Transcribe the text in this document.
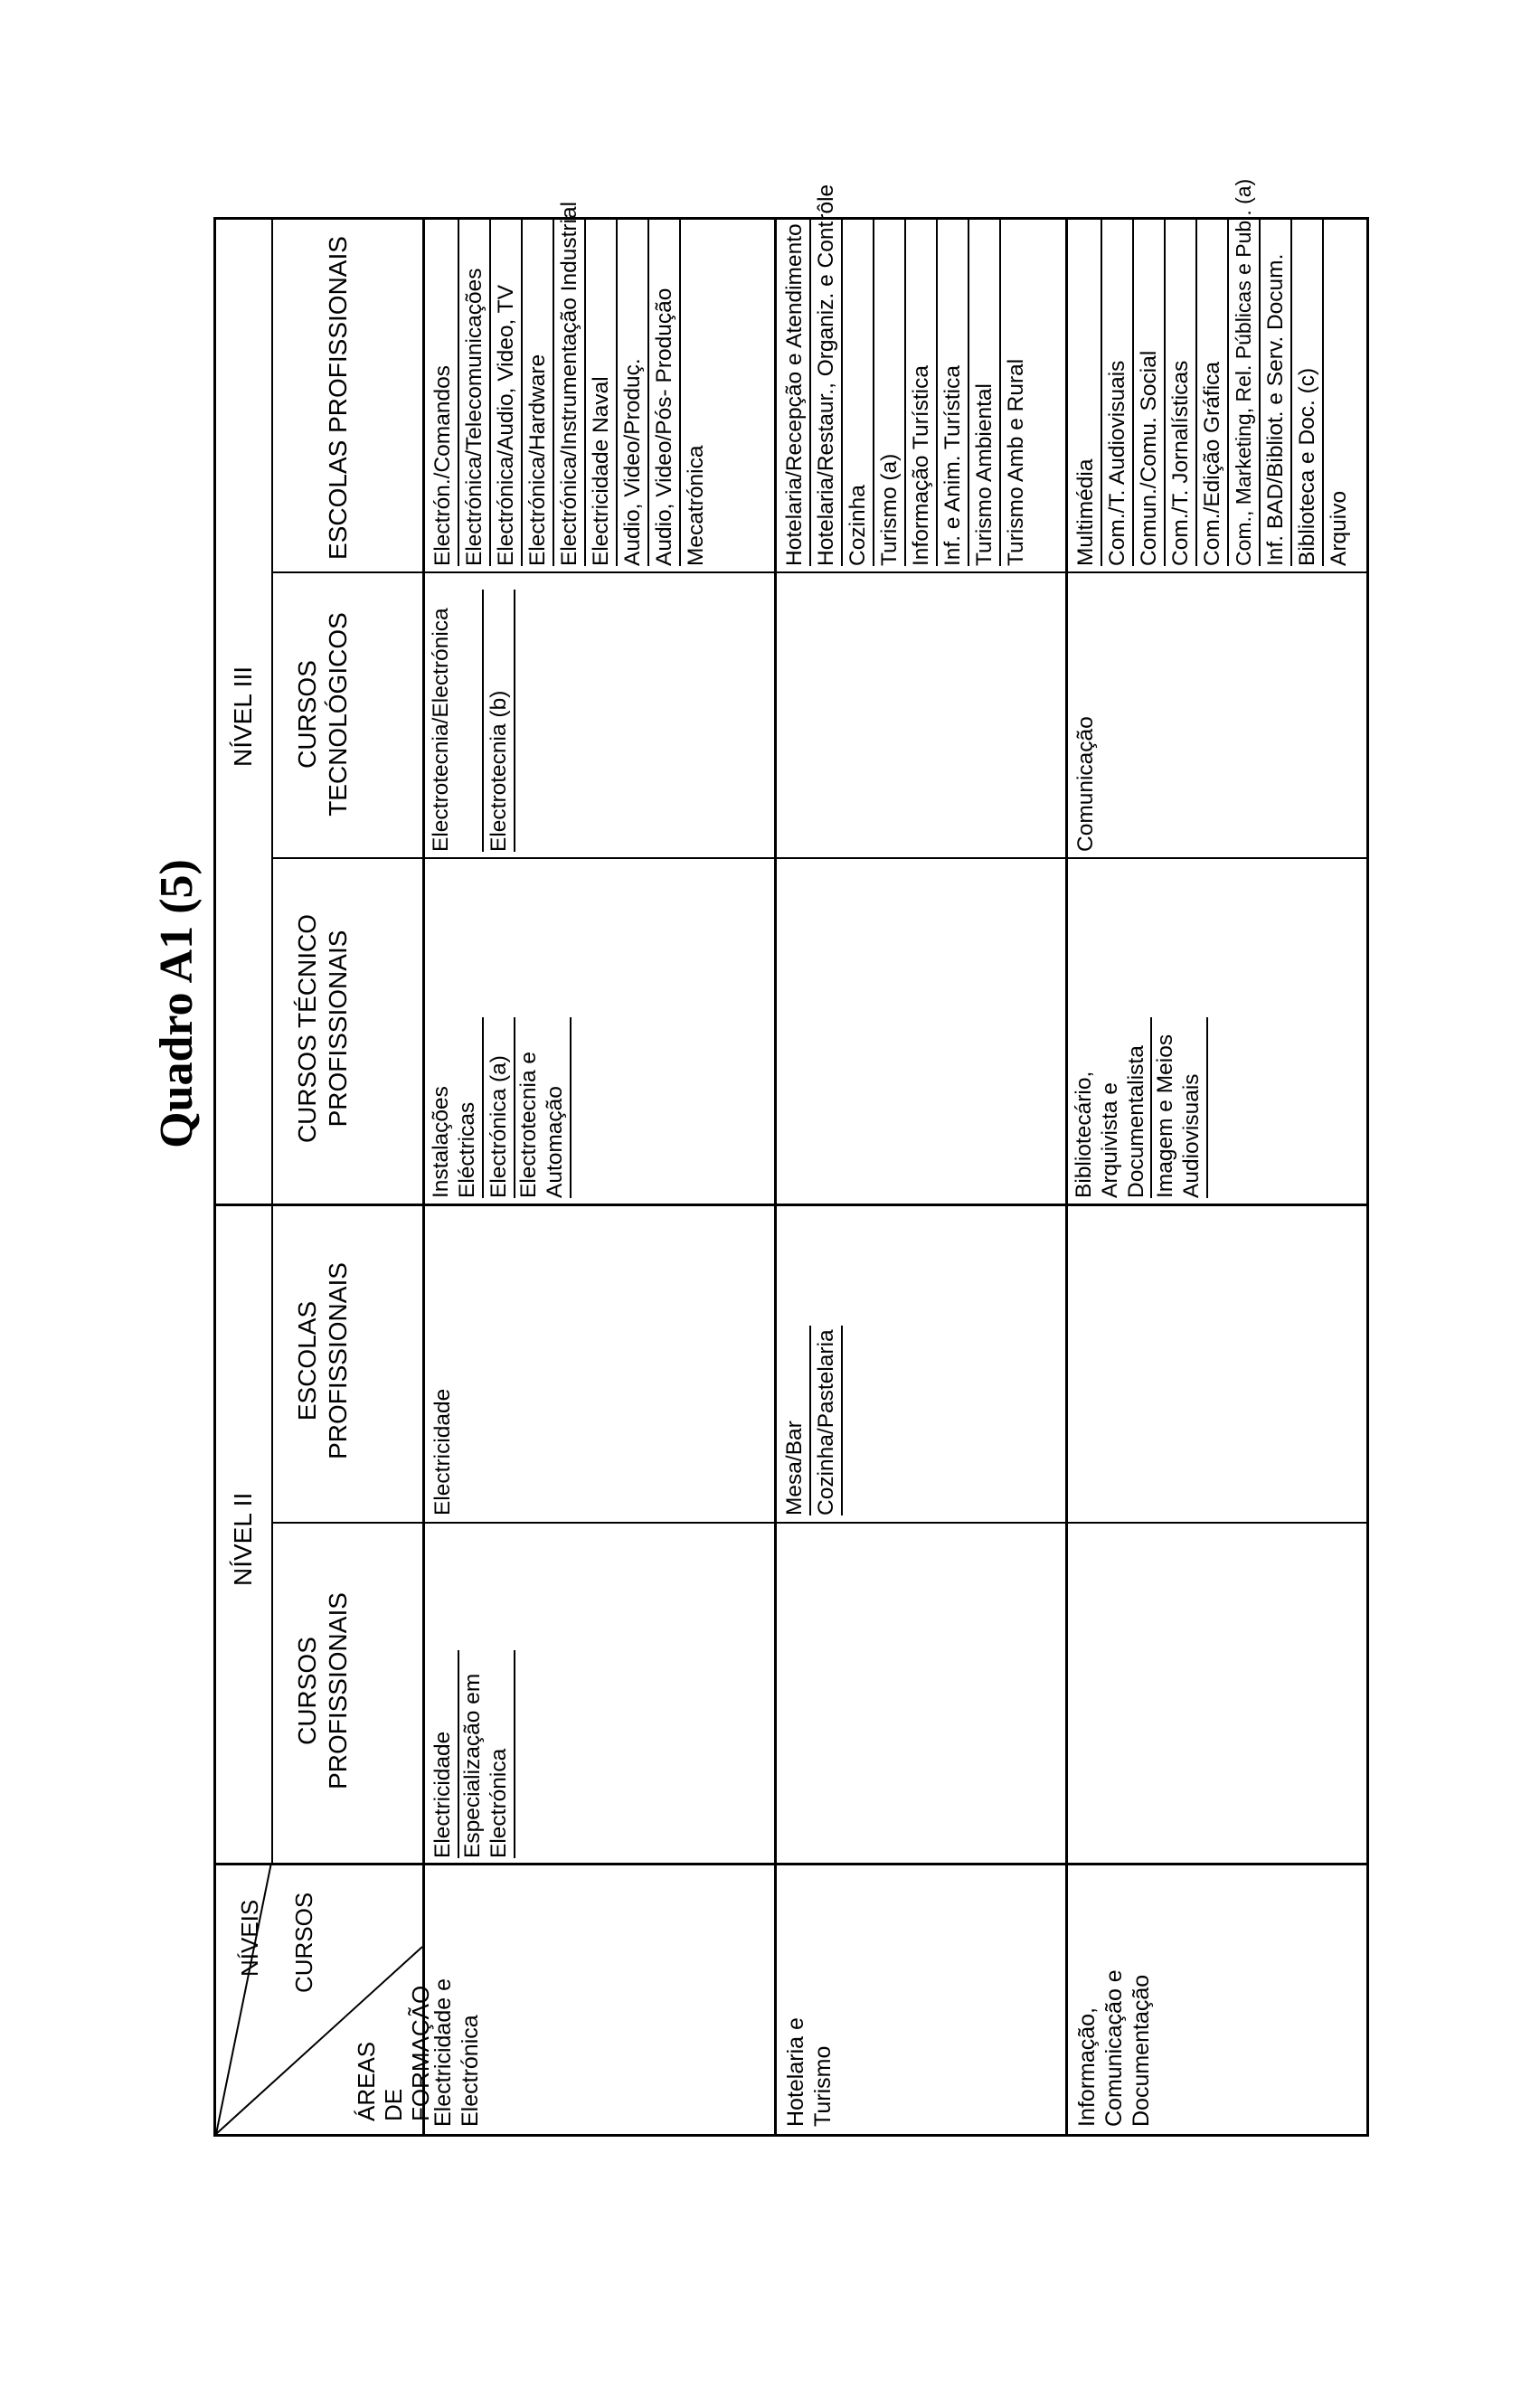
Quadro A1 (5)
NÍVEIS CURSOS
ÁREAS DE FORMAÇÃO
NÍVEL II
NÍVEL III
CURSOS PROFISSIONAIS
ESCOLAS PROFISSIONAIS
CURSOS TÉCNICO PROFISSIONAIS
CURSOS TECNOLÓGICOS
ESCOLAS PROFISSIONAIS
Electricidade e Electrónica
Electricidade Especialização em Electrónica
Electricidade
Instalações Eléctricas Electrónica (a) Electrotecnia e Automação
Electrotecnia/Electrónica	Electrotecnia (b)
Electrón./Comandos Electrónica/Telecomunicações Electrónica/Audio, Video, TV Electrónica/Hardware Electrónica/Instrumentação Industrial Electricidade Naval Audio, Video/Produç. Audio, Video/Pós- Produção Mecatrónica
Hotelaria e Turismo
Mesa/Bar Cozinha/Pastelaria
Hotelaria/Recepção e Atendimento Hotelaria/Restaur., Organiz. e Contrôle Cozinha Turismo (a) Informação Turística Inf. e Anim. Turística Turismo Ambiental Turismo Amb e Rural
Informação, Comunicação e Documentação
Bibliotecário, Arquivista e Documentalista Imagem e Meios Audiovisuais
Comunicação
Multimédia Com./T. Audiovisuais Comun./Comu. Social Com./T. Jornalísticas Com./Edição Gráfica Com., Marketing, Rel. Públicas e Publ. (a) Inf. BAD/Bibliot. e Serv. Docum. Biblioteca e Doc. (c) Arquivo
